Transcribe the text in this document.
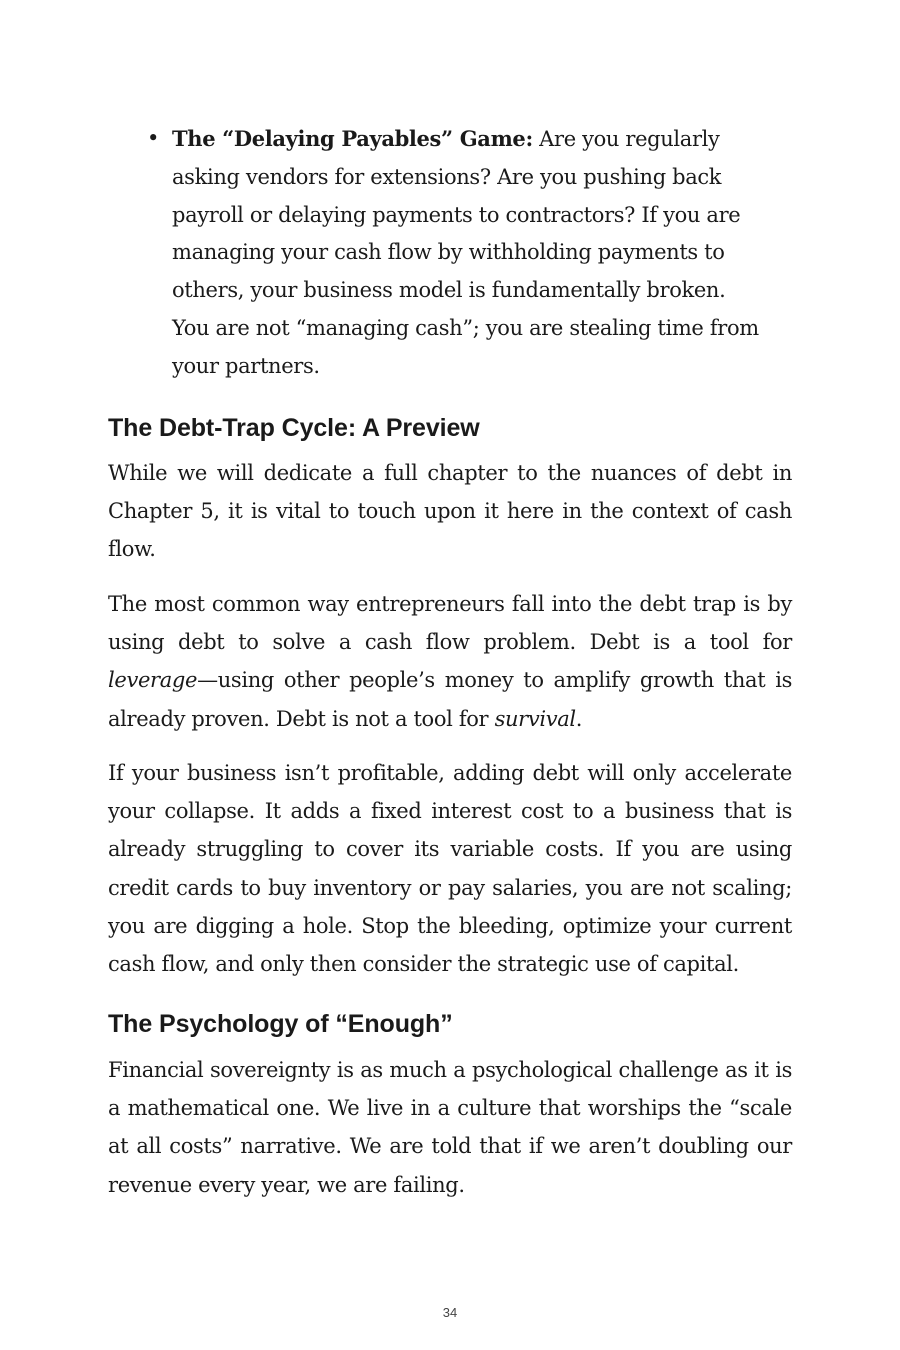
• The “Delaying Payables” Game: Are you regularly asking vendors for extensions? Are you pushing back payroll or delaying payments to contractors? If you are managing your cash flow by withholding payments to others, your business model is fundamentally broken. You are not “managing cash”; you are stealing time from your partners.
The Debt-Trap Cycle: A Preview

While we will dedicate a full chapter to the nuances of debt in Chapter 5, it is vital to touch upon it here in the context of cash flow.

The most common way entrepreneurs fall into the debt trap is by using debt to solve a cash flow problem. Debt is a tool for leverage—using other people’s money to amplify growth that is already proven. Debt is not a tool for survival.

If your business isn’t profitable, adding debt will only accelerate your collapse. It adds a fixed interest cost to a business that is already struggling to cover its variable costs. If you are using credit cards to buy inventory or pay salaries, you are not scaling; you are digging a hole. Stop the bleeding, optimize your current cash flow, and only then consider the strategic use of capital.

The Psychology of “Enough”

Financial sovereignty is as much a psychological challenge as it is a mathematical one. We live in a culture that worships the “scale at all costs” narrative. We are told that if we aren’t doubling our revenue every year, we are failing.

34
